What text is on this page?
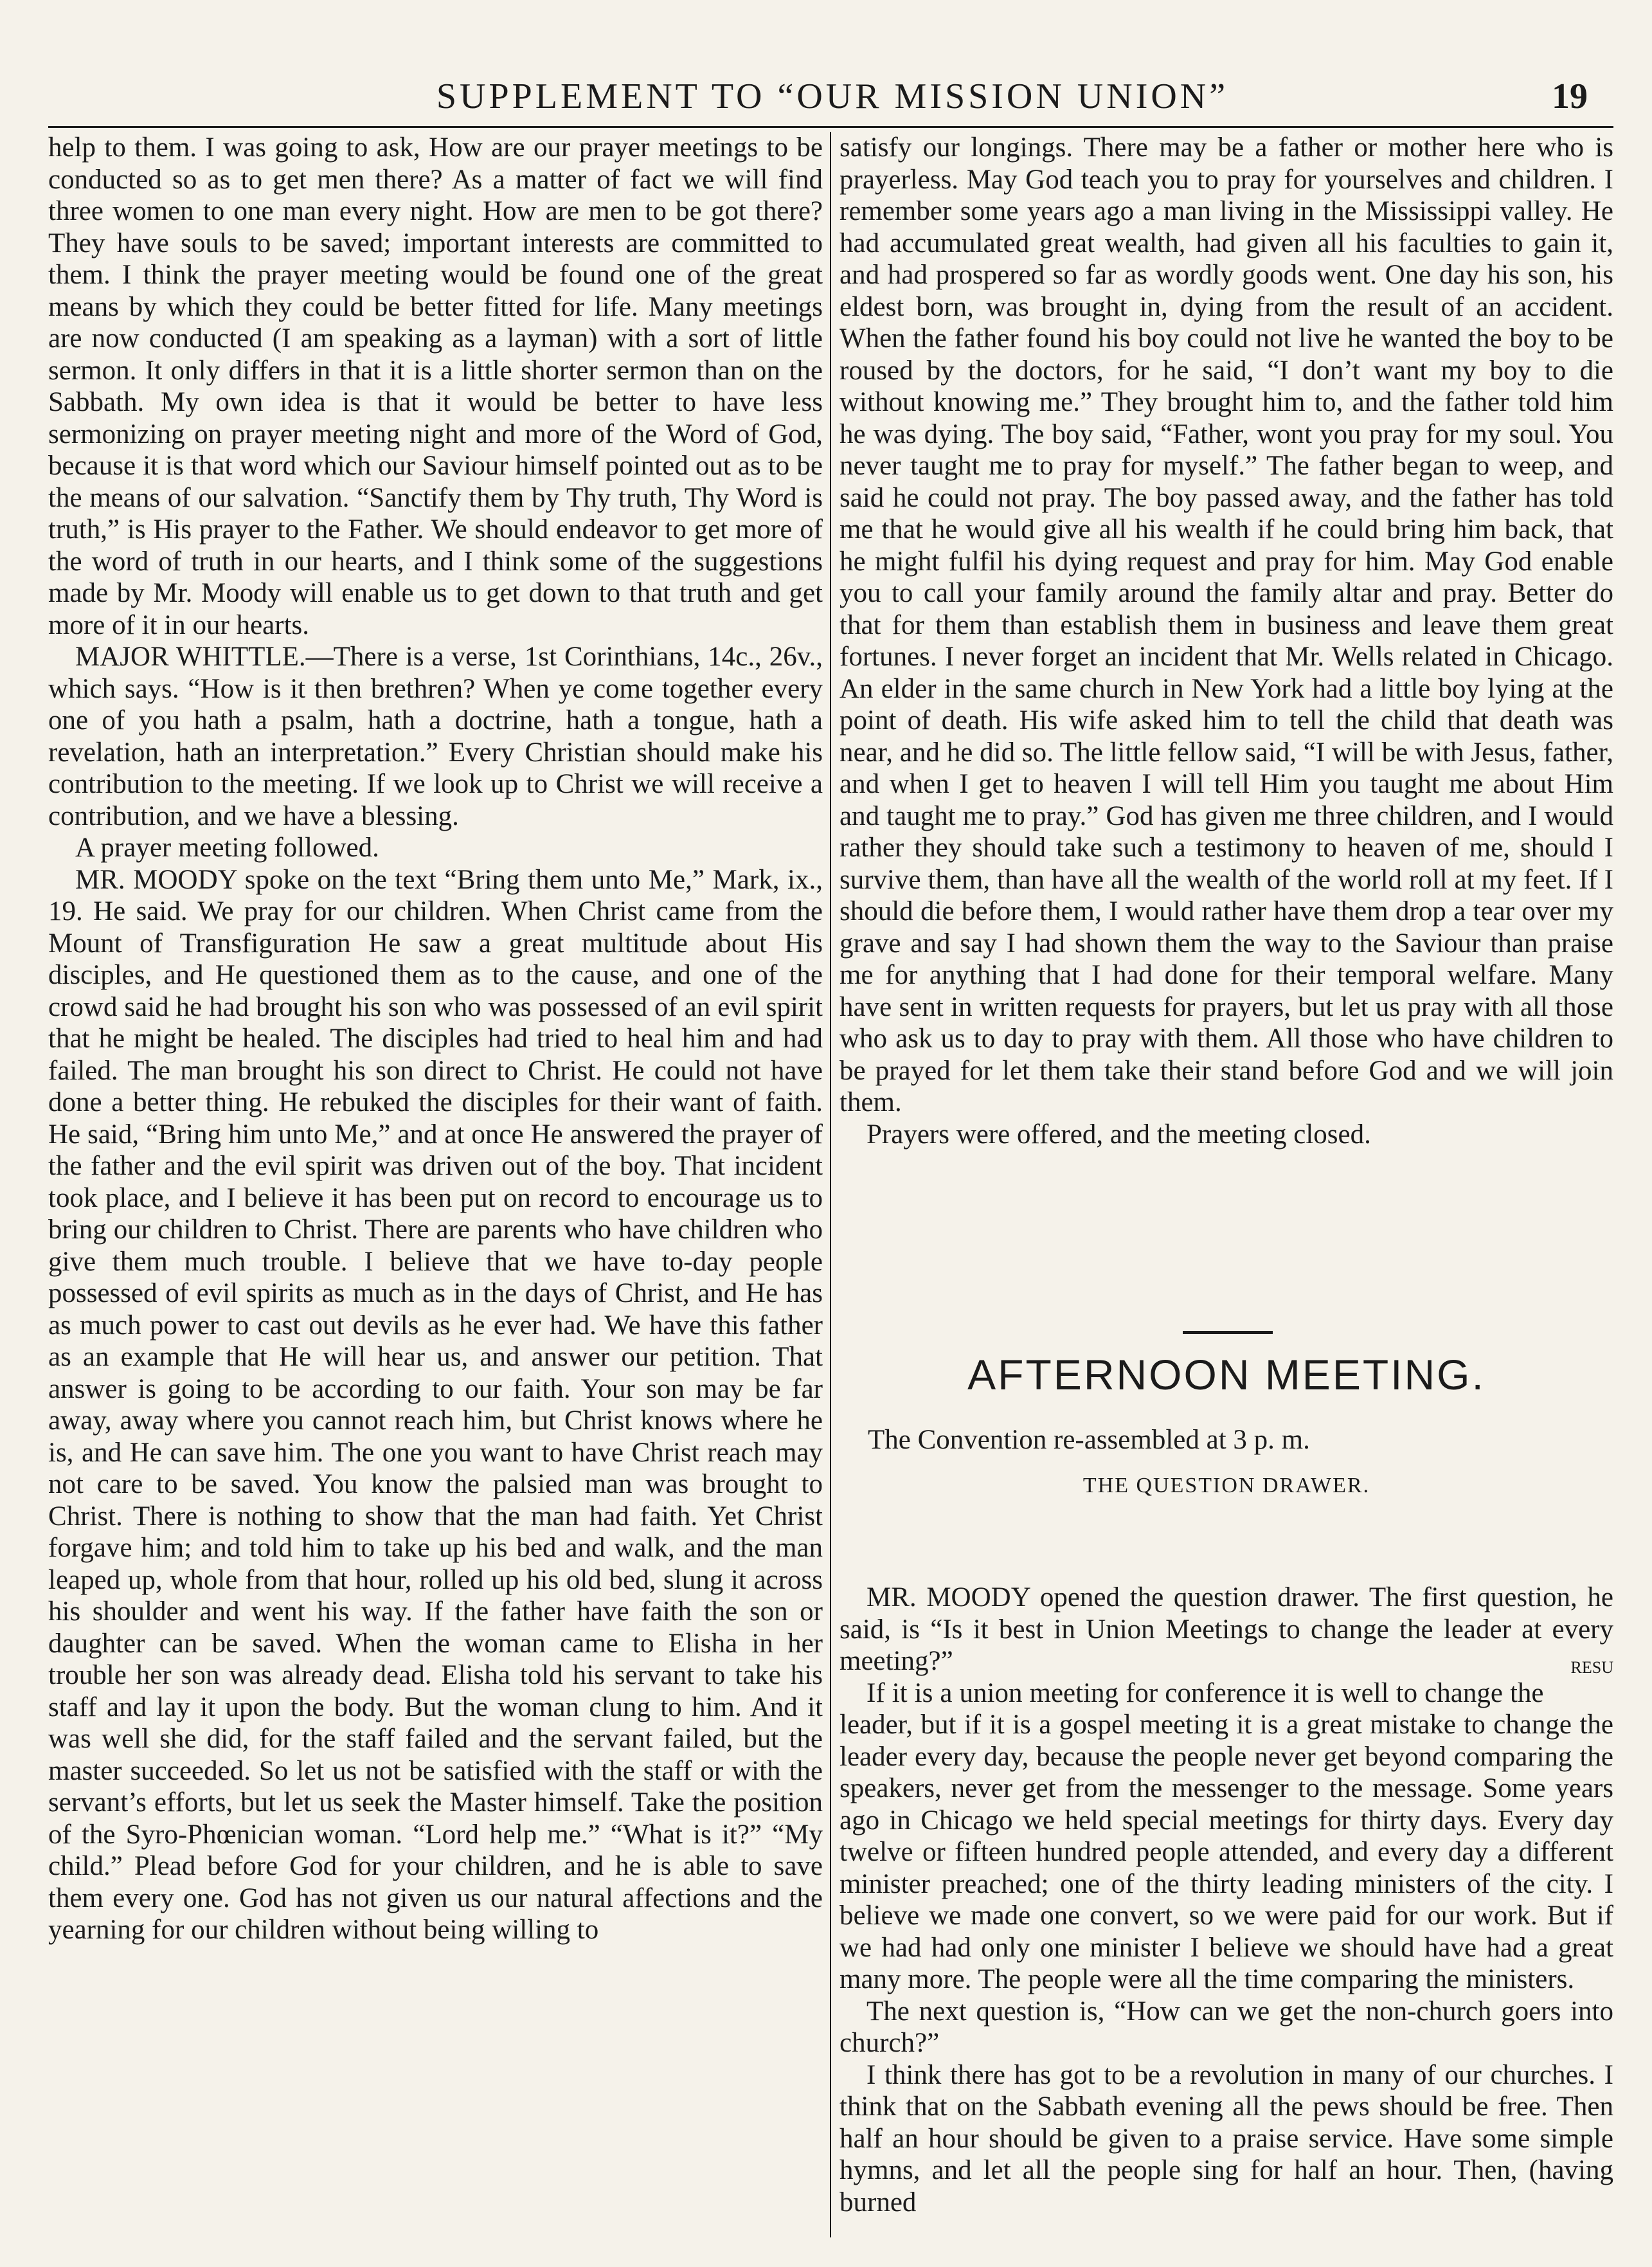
SUPPLEMENT TO “OUR MISSION UNION”	19

help to them. I was going to ask, How are our prayer meetings to be conducted so as to get men there? As a matter of fact we will find three women to one man every night. How are men to be got there? They have souls to be saved; important interests are committed to them. I think the prayer meeting would be found one of the great means by which they could be better fitted for life. Many meetings are now conducted (I am speaking as a layman) with a sort of little sermon. It only differs in that it is a little shorter sermon than on the Sabbath. My own idea is that it would be better to have less sermonizing on prayer meeting night and more of the Word of God, because it is that word which our Saviour himself pointed out as to be the means of our salvation. “Sanctify them by Thy truth, Thy Word is truth,” is His prayer to the Father. We should endeavor to get more of the word of truth in our hearts, and I think some of the suggestions made by Mr. Moody will enable us to get down to that truth and get more of it in our hearts.

MAJOR WHITTLE.—There is a verse, 1st Corinthians, 14c., 26v., which says. “How is it then brethren? When ye come together every one of you hath a psalm, hath a doctrine, hath a tongue, hath a revelation, hath an interpretation.” Every Christian should make his contribution to the meeting. If we look up to Christ we will receive a contribution, and we have a blessing.

A prayer meeting followed.

MR. MOODY spoke on the text “Bring them unto Me,” Mark, ix., 19. He said. We pray for our children. When Christ came from the Mount of Transfiguration He saw a great multitude about His disciples, and He questioned them as to the cause, and one of the crowd said he had brought his son who was possessed of an evil spirit that he might be healed. The disciples had tried to heal him and had failed. The man brought his son direct to Christ. He could not have done a better thing. He rebuked the disciples for their want of faith. He said, “Bring him unto Me,” and at once He answered the prayer of the father and the evil spirit was driven out of the boy. That incident took place, and I believe it has been put on record to encourage us to bring our children to Christ. There are parents who have children who give them much trouble. I believe that we have to-day people possessed of evil spirits as much as in the days of Christ, and He has as much power to cast out devils as he ever had. We have this father as an example that He will hear us, and answer our petition. That answer is going to be according to our faith. Your son may be far away, away where you cannot reach him, but Christ knows where he is, and He can save him. The one you want to have Christ reach may not care to be saved. You know the palsied man was brought to Christ. There is nothing to show that the man had faith. Yet Christ forgave him; and told him to take up his bed and walk, and the man leaped up, whole from that hour, rolled up his old bed, slung it across his shoulder and went his way. If the father have faith the son or daughter can be saved. When the woman came to Elisha in her trouble her son was already dead. Elisha told his servant to take his staff and lay it upon the body. But the woman clung to him. And it was well she did, for the staff failed and the servant failed, but the master succeeded. So let us not be satisfied with the staff or with the servant’s efforts, but let us seek the Master himself. Take the position of the Syro-Phœnician woman. “Lord help me.” “What is it?” “My child.” Plead before God for your children, and he is able to save them every one. God has not given us our natural affections and the yearning for our children without being willing to

satisfy our longings. There may be a father or mother here who is prayerless. May God teach you to pray for yourselves and children. I remember some years ago a man living in the Mississippi valley. He had accumulated great wealth, had given all his faculties to gain it, and had prospered so far as wordly goods went. One day his son, his eldest born, was brought in, dying from the result of an accident. When the father found his boy could not live he wanted the boy to be roused by the doctors, for he said, “I don’t want my boy to die without knowing me.” They brought him to, and the father told him he was dying. The boy said, “Father, wont you pray for my soul. You never taught me to pray for myself.” The father began to weep, and said he could not pray. The boy passed away, and the father has told me that he would give all his wealth if he could bring him back, that he might fulfil his dying request and pray for him. May God enable you to call your family around the family altar and pray. Better do that for them than establish them in business and leave them great fortunes. I never forget an incident that Mr. Wells related in Chicago. An elder in the same church in New York had a little boy lying at the point of death. His wife asked him to tell the child that death was near, and he did so. The little fellow said, “I will be with Jesus, father, and when I get to heaven I will tell Him you taught me about Him and taught me to pray.” God has given me three children, and I would rather they should take such a testimony to heaven of me, should I survive them, than have all the wealth of the world roll at my feet. If I should die before them, I would rather have them drop a tear over my grave and say I had shown them the way to the Saviour than praise me for anything that I had done for their temporal welfare. Many have sent in written requests for prayers, but let us pray with all those who ask us to day to pray with them. All those who have children to be prayed for let them take their stand before God and we will join them.

Prayers were offered, and the meeting closed.

AFTERNOON MEETING.
The Convention re-assembled at 3 p. m.
THE QUESTION DRAWER.

MR. MOODY opened the question drawer. The first question, he said, is “Is it best in Union Meetings to change the leader at every meeting?”	RESU

If it is a union meeting for conference it is well to change the leader, but if it is a gospel meeting it is a great mistake to change the leader every day, because the people never get beyond comparing the speakers, never get from the messenger to the message. Some years ago in Chicago we held special meetings for thirty days. Every day twelve or fifteen hundred people attended, and every day a different minister preached; one of the thirty leading ministers of the city. I believe we made one convert, so we were paid for our work. But if we had had only one minister I believe we should have had a great many more. The people were all the time comparing the ministers.

The next question is, “How can we get the non-church goers into church?”

I think there has got to be a revolution in many of our churches. I think that on the Sabbath evening all the pews should be free. Then half an hour should be given to a praise service. Have some simple hymns, and let all the people sing for half an hour. Then, (having burned
